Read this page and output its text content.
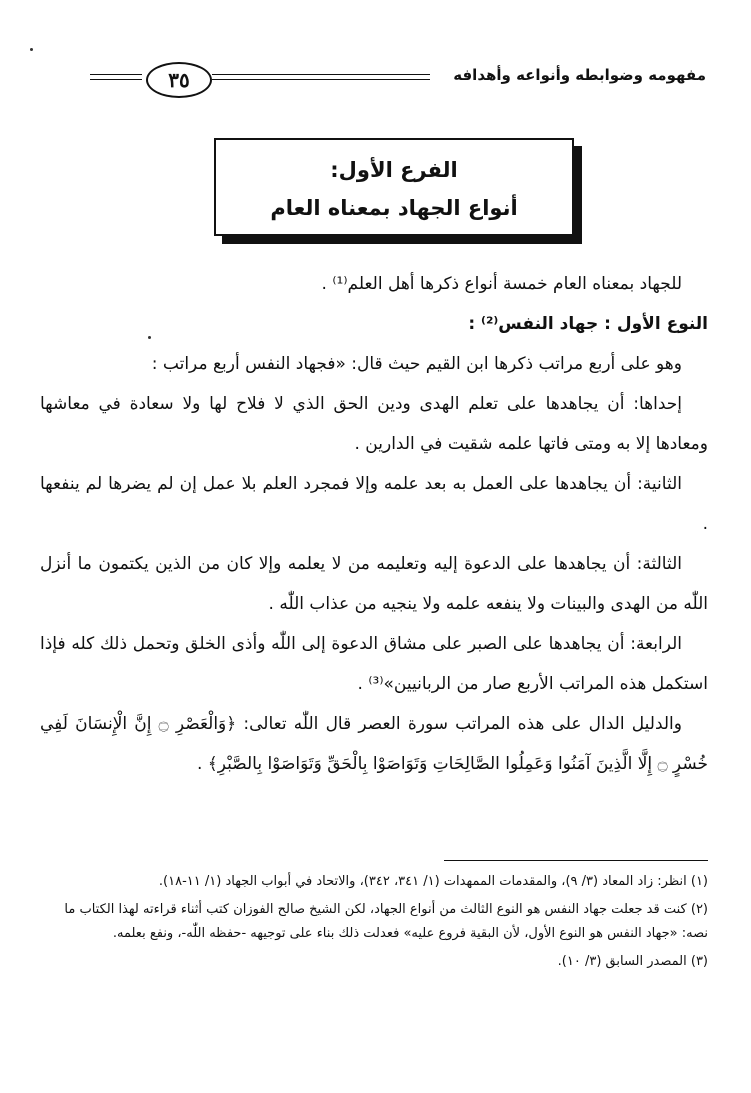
٣٥	مفهومه وضوابطه وأنواعه وأهدافه
الفرع الأول:
أنواع الجهاد بمعناه العام

للجهاد بمعناه العام خمسة أنواع ذكرها أهل العلم⁽¹⁾ .

النوع الأول : جهاد النفس⁽²⁾ :

وهو على أربع مراتب ذكرها ابن القيم حيث قال: «فجهاد النفس أربع مراتب :

إحداها: أن يجاهدها على تعلم الهدى ودين الحق الذي لا فلاح لها ولا سعادة في معاشها ومعادها إلا به ومتى فاتها علمه شقيت في الدارين .

الثانية: أن يجاهدها على العمل به بعد علمه وإلا فمجرد العلم بلا عمل إن لم يضرها لم ينفعها .

الثالثة: أن يجاهدها على الدعوة إليه وتعليمه من لا يعلمه وإلا كان من الذين يكتمون ما أنزل اللّٰه من الهدى والبينات ولا ينفعه علمه ولا ينجيه من عذاب اللّٰه .

الرابعة: أن يجاهدها على الصبر على مشاق الدعوة إلى اللّٰه وأذى الخلق وتحمل ذلك كله فإذا استكمل هذه المراتب الأربع صار من الربانيين»⁽³⁾ .

والدليل الدال على هذه المراتب سورة العصر قال اللّٰه تعالى: ﴿وَالْعَصْرِ ۝ إِنَّ الْإِنسَانَ لَفِي خُسْرٍ ۝ إِلَّا الَّذِينَ آمَنُوا وَعَمِلُوا الصَّالِحَاتِ وَتَوَاصَوْا بِالْحَقِّ وَتَوَاصَوْا بِالصَّبْرِ﴾ .

(١) انظر: زاد المعاد (٣/ ٩)، والمقدمات الممهدات (١/ ٣٤١، ٣٤٢)، والاتحاد في أبواب الجهاد (١/ ١١-١٨).

(٢) كنت قد جعلت جهاد النفس هو النوع الثالث من أنواع الجهاد، لكن الشيخ صالح الفوزان كتب أثناء قراءته لهذا الكتاب ما نصه: «جهاد النفس هو النوع الأول، لأن البقية فروع عليه» فعدلت ذلك بناء على توجيهه -حفظه اللّٰه-، ونفع بعلمه.

(٣) المصدر السابق (٣/ ١٠).
